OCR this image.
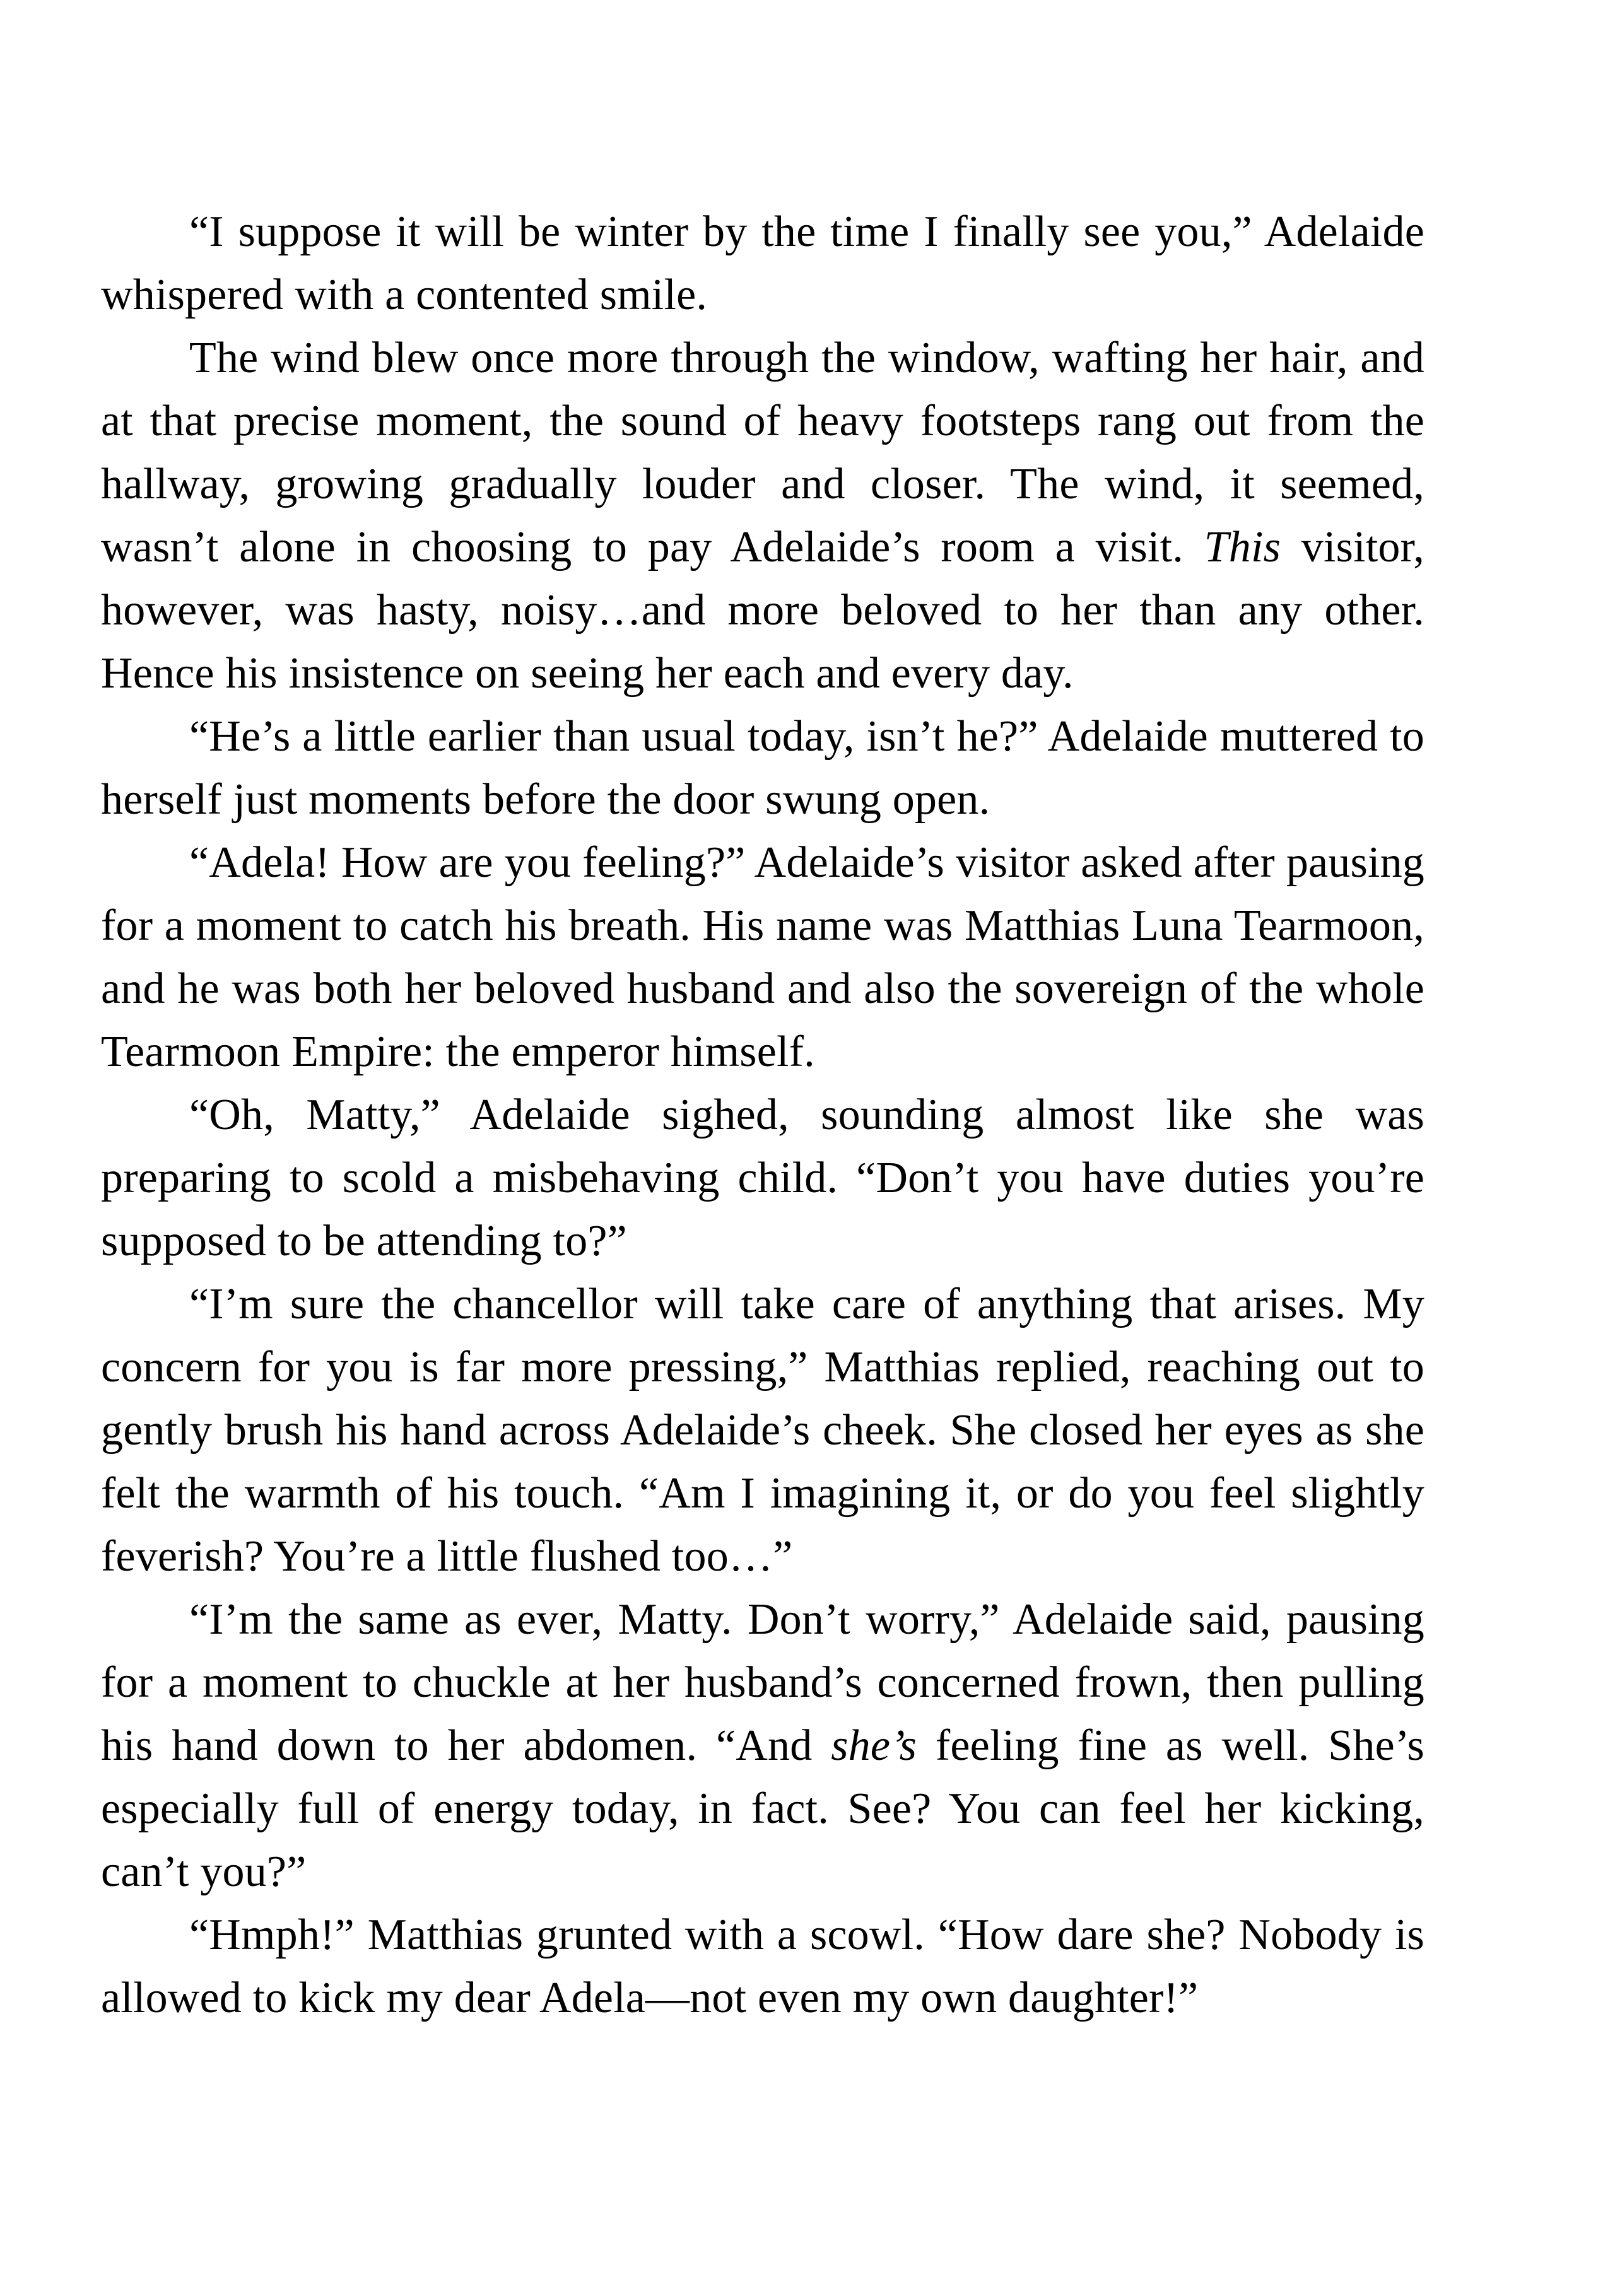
“I suppose it will be winter by the time I finally see you,” Adelaide whispered with a contented smile.

The wind blew once more through the window, wafting her hair, and at that precise moment, the sound of heavy footsteps rang out from the hallway, growing gradually louder and closer. The wind, it seemed, wasn’t alone in choosing to pay Adelaide’s room a visit. This visitor, however, was hasty, noisy…and more beloved to her than any other. Hence his insistence on seeing her each and every day.

“He’s a little earlier than usual today, isn’t he?” Adelaide muttered to herself just moments before the door swung open.

“Adela! How are you feeling?” Adelaide’s visitor asked after pausing for a moment to catch his breath. His name was Matthias Luna Tearmoon, and he was both her beloved husband and also the sovereign of the whole Tearmoon Empire: the emperor himself.

“Oh, Matty,” Adelaide sighed, sounding almost like she was preparing to scold a misbehaving child. “Don’t you have duties you’re supposed to be attending to?”

“I’m sure the chancellor will take care of anything that arises. My concern for you is far more pressing,” Matthias replied, reaching out to gently brush his hand across Adelaide’s cheek. She closed her eyes as she felt the warmth of his touch. “Am I imagining it, or do you feel slightly feverish? You’re a little flushed too…”

“I’m the same as ever, Matty. Don’t worry,” Adelaide said, pausing for a moment to chuckle at her husband’s concerned frown, then pulling his hand down to her abdomen. “And she’s feeling fine as well. She’s especially full of energy today, in fact. See? You can feel her kicking, can’t you?”

“Hmph!” Matthias grunted with a scowl. “How dare she? Nobody is allowed to kick my dear Adela—not even my own daughter!”
